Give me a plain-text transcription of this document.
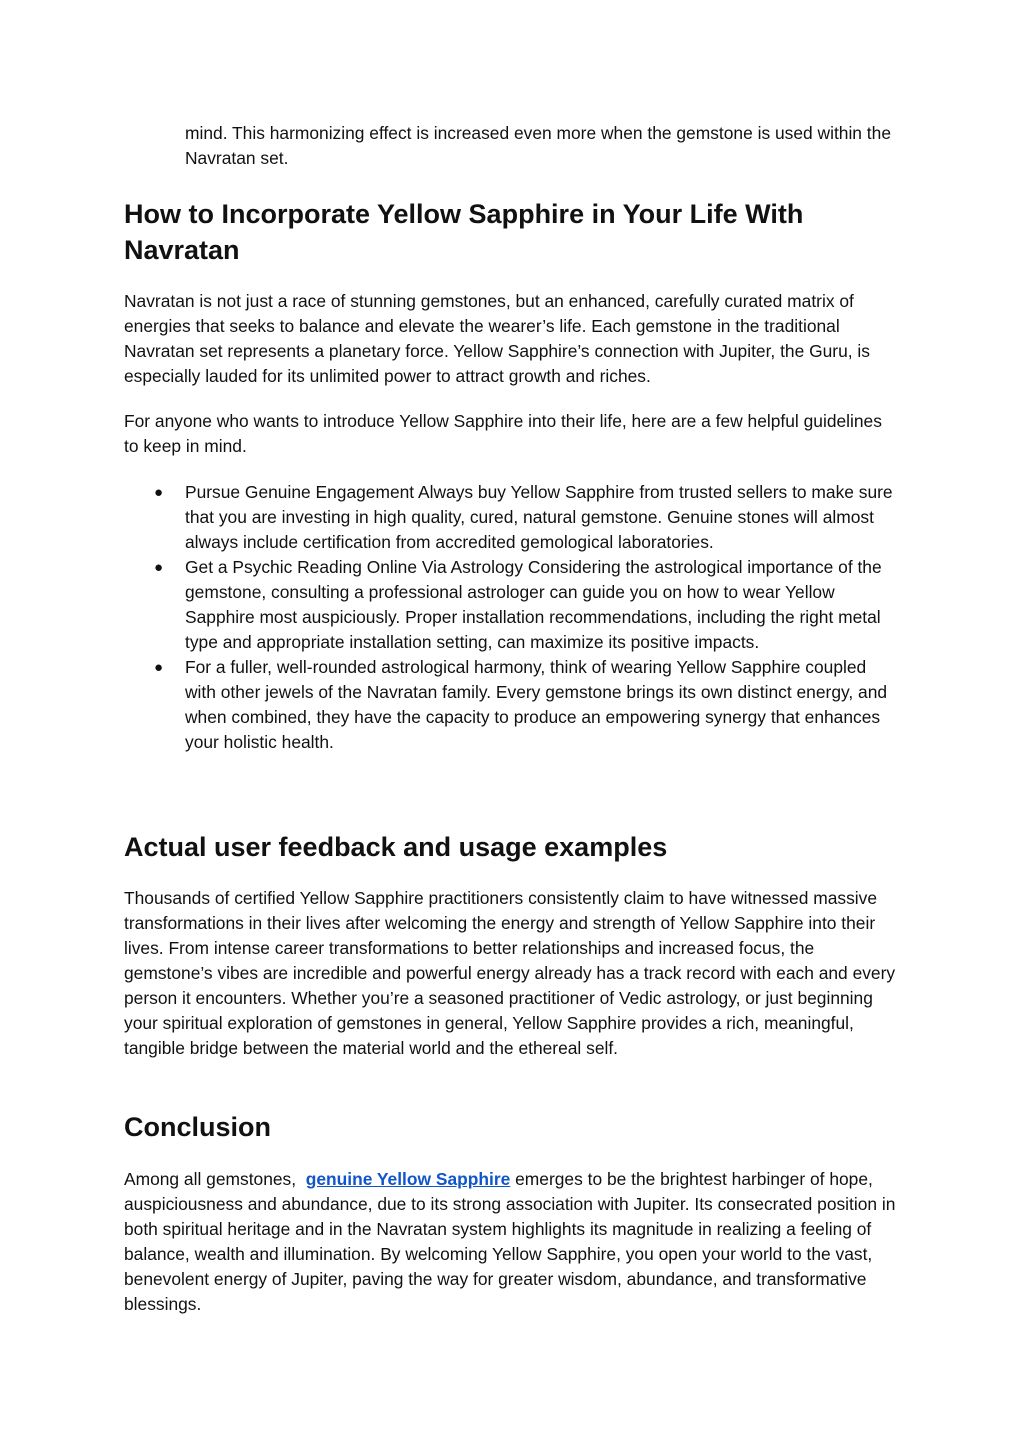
mind. This harmonizing effect is increased even more when the gemstone is used within the Navratan set.

How to Incorporate Yellow Sapphire in Your Life With Navratan

Navratan is not just a race of stunning gemstones, but an enhanced, carefully curated matrix of energies that seeks to balance and elevate the wearer’s life. Each gemstone in the traditional Navratan set represents a planetary force. Yellow Sapphire’s connection with Jupiter, the Guru, is especially lauded for its unlimited power to attract growth and riches.

For anyone who wants to introduce Yellow Sapphire into their life, here are a few helpful guidelines to keep in mind.

● Pursue Genuine Engagement Always buy Yellow Sapphire from trusted sellers to make sure that you are investing in high quality, cured, natural gemstone. Genuine stones will almost always include certification from accredited gemological laboratories.
● Get a Psychic Reading Online Via Astrology Considering the astrological importance of the gemstone, consulting a professional astrologer can guide you on how to wear Yellow Sapphire most auspiciously. Proper installation recommendations, including the right metal type and appropriate installation setting, can maximize its positive impacts.
● For a fuller, well-rounded astrological harmony, think of wearing Yellow Sapphire coupled with other jewels of the Navratan family. Every gemstone brings its own distinct energy, and when combined, they have the capacity to produce an empowering synergy that enhances your holistic health.
Actual user feedback and usage examples

Thousands of certified Yellow Sapphire practitioners consistently claim to have witnessed massive transformations in their lives after welcoming the energy and strength of Yellow Sapphire into their lives. From intense career transformations to better relationships and increased focus, the gemstone’s vibes are incredible and powerful energy already has a track record with each and every person it encounters. Whether you’re a seasoned practitioner of Vedic astrology, or just beginning your spiritual exploration of gemstones in general, Yellow Sapphire provides a rich, meaningful, tangible bridge between the material world and the ethereal self.

Conclusion

Among all gemstones,  genuine Yellow Sapphire emerges to be the brightest harbinger of hope, auspiciousness and abundance, due to its strong association with Jupiter. Its consecrated position in both spiritual heritage and in the Navratan system highlights its magnitude in realizing a feeling of balance, wealth and illumination. By welcoming Yellow Sapphire, you open your world to the vast, benevolent energy of Jupiter, paving the way for greater wisdom, abundance, and transformative blessings.
